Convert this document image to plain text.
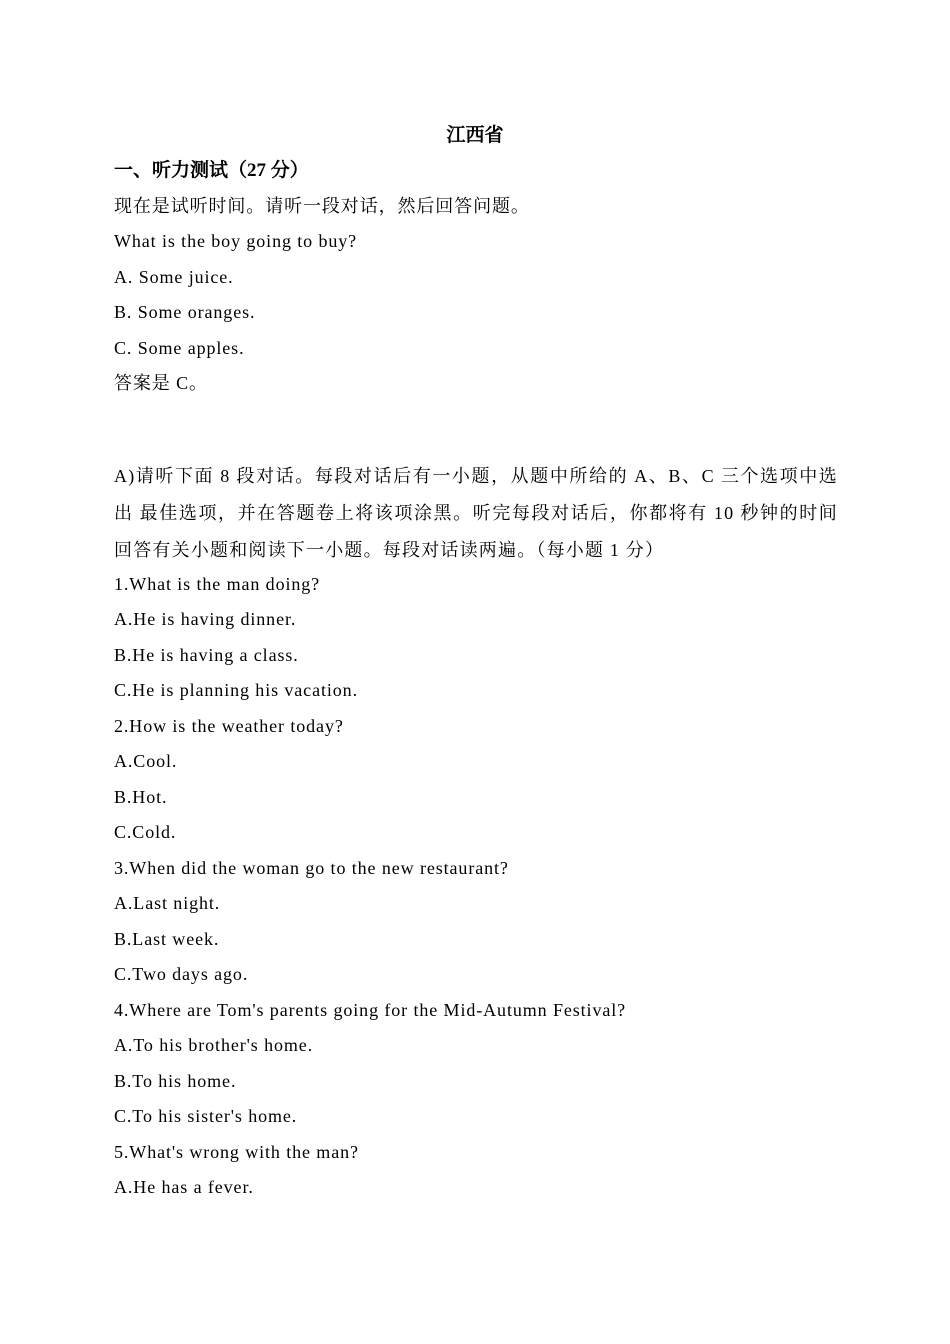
江西省
一、听力测试（27 分）
现在是试听时间。请听一段对话，然后回答问题。
What is the boy going to buy?
A. Some juice.
B. Some oranges.
C. Some apples.
答案是 C。
A)请听下面 8 段对话。每段对话后有一小题，从题中所给的 A、B、C 三个选项中选出 最佳选项，并在答题卷上将该项涂黑。听完每段对话后，你都将有 10 秒钟的时间回答有关小题和阅读下一小题。每段对话读两遍。（每小题 1 分）
1.What is the man doing?
A.He is having dinner.
B.He is having a class.
C.He is planning his vacation.
2.How is the weather today?
A.Cool.
B.Hot.
C.Cold.
3.When did the woman go to the new restaurant?
A.Last night.
B.Last week.
C.Two days ago.
4.Where are Tom's parents going for the Mid-Autumn Festival?
A.To his brother's home.
B.To his home.
C.To his sister's home.
5.What's wrong with the man?
A.He has a fever.
